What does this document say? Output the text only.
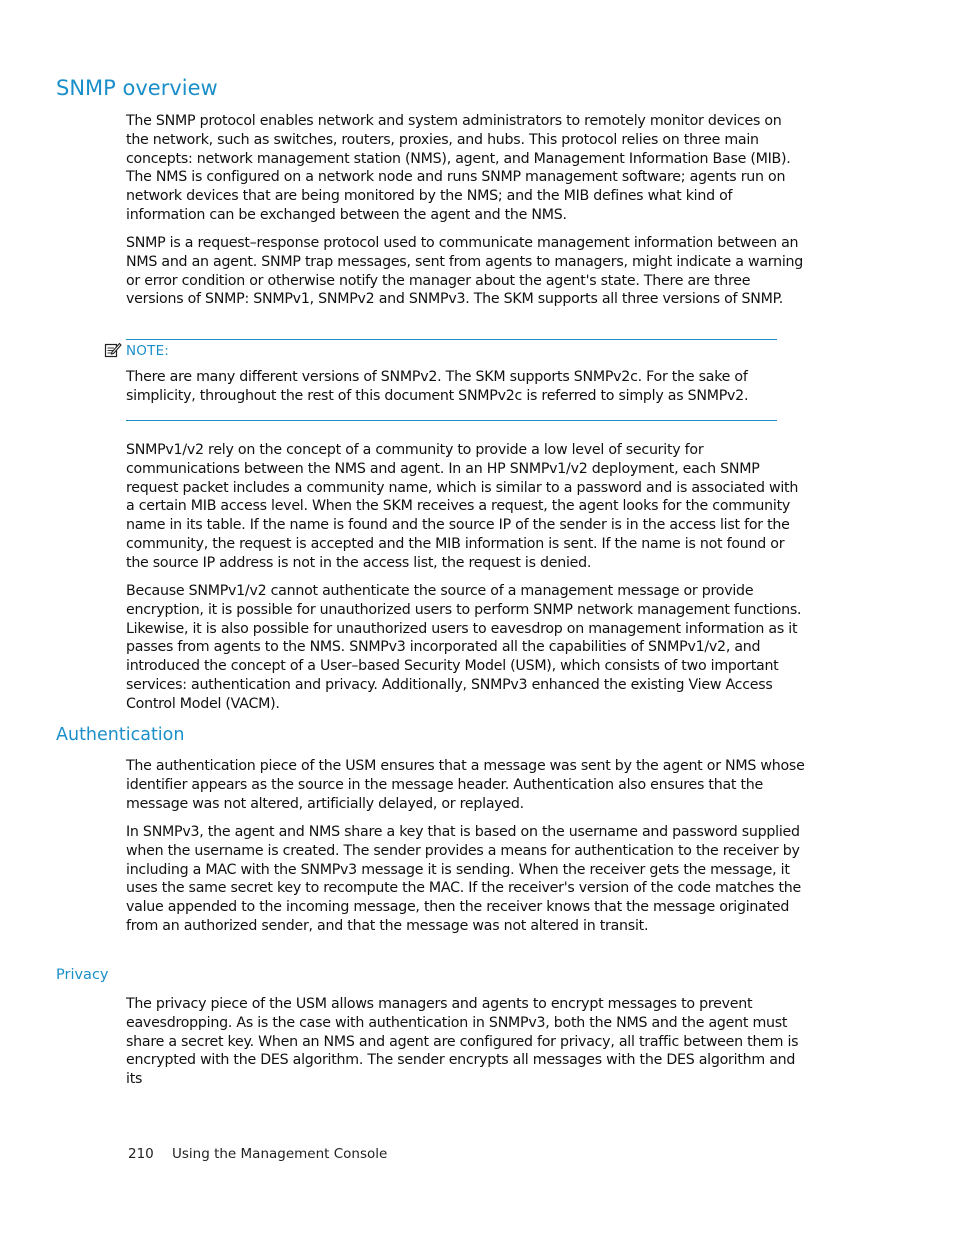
SNMP overview

The SNMP protocol enables network and system administrators to remotely monitor devices on the network, such as switches, routers, proxies, and hubs. This protocol relies on three main concepts: network management station (NMS), agent, and Management Information Base (MIB). The NMS is configured on a network node and runs SNMP management software; agents run on network devices that are being monitored by the NMS; and the MIB defines what kind of information can be exchanged between the agent and the NMS.

SNMP is a request–response protocol used to communicate management information between an NMS and an agent. SNMP trap messages, sent from agents to managers, might indicate a warning or error condition or otherwise notify the manager about the agent's state. There are three versions of SNMP: SNMPv1, SNMPv2 and SNMPv3. The SKM supports all three versions of SNMP.

NOTE:

There are many different versions of SNMPv2. The SKM supports SNMPv2c. For the sake of simplicity, throughout the rest of this document SNMPv2c is referred to simply as SNMPv2.

SNMPv1/v2 rely on the concept of a community to provide a low level of security for communications between the NMS and agent. In an HP SNMPv1/v2 deployment, each SNMP request packet includes a community name, which is similar to a password and is associated with a certain MIB access level. When the SKM receives a request, the agent looks for the community name in its table. If the name is found and the source IP of the sender is in the access list for the community, the request is accepted and the MIB information is sent. If the name is not found or the source IP address is not in the access list, the request is denied.

Because SNMPv1/v2 cannot authenticate the source of a management message or provide encryption, it is possible for unauthorized users to perform SNMP network management functions. Likewise, it is also possible for unauthorized users to eavesdrop on management information as it passes from agents to the NMS. SNMPv3 incorporated all the capabilities of SNMPv1/v2, and introduced the concept of a User–based Security Model (USM), which consists of two important services: authentication and privacy. Additionally, SNMPv3 enhanced the existing View Access Control Model (VACM).

Authentication

The authentication piece of the USM ensures that a message was sent by the agent or NMS whose identifier appears as the source in the message header. Authentication also ensures that the message was not altered, artificially delayed, or replayed.

In SNMPv3, the agent and NMS share a key that is based on the username and password supplied when the username is created. The sender provides a means for authentication to the receiver by including a MAC with the SNMPv3 message it is sending. When the receiver gets the message, it uses the same secret key to recompute the MAC. If the receiver's version of the code matches the value appended to the incoming message, then the receiver knows that the message originated from an authorized sender, and that the message was not altered in transit.

Privacy

The privacy piece of the USM allows managers and agents to encrypt messages to prevent eavesdropping. As is the case with authentication in SNMPv3, both the NMS and the agent must share a secret key. When an NMS and agent are configured for privacy, all traffic between them is encrypted with the DES algorithm. The sender encrypts all messages with the DES algorithm and its

210 Using the Management Console
